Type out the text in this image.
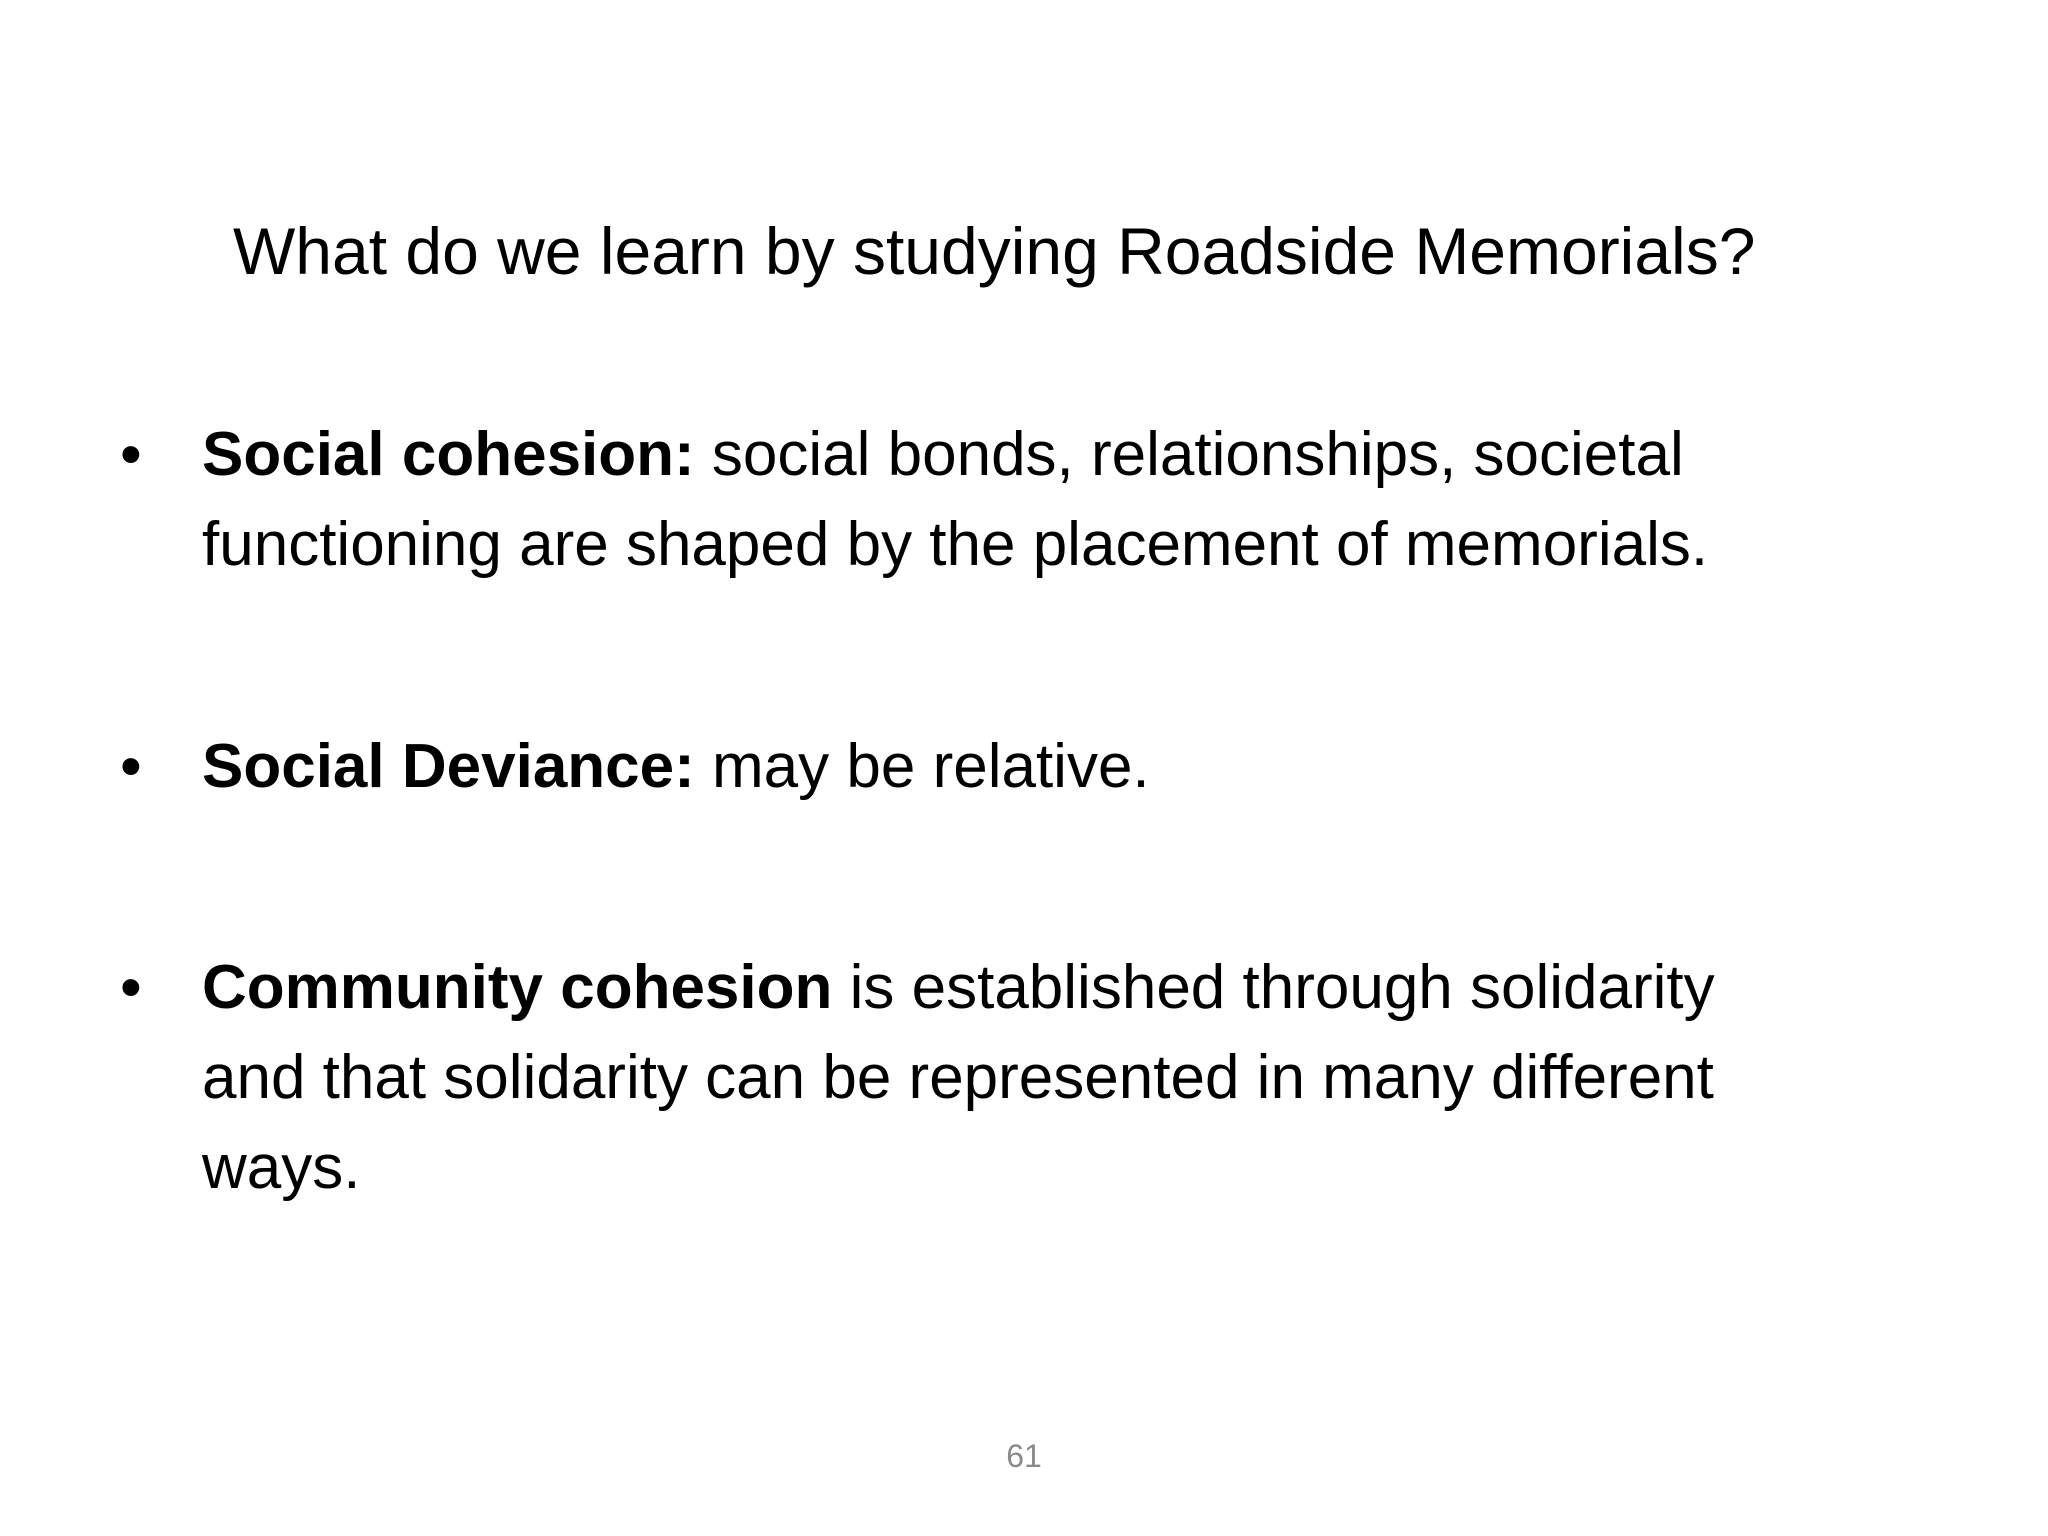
What do we learn by studying Roadside Memorials?
• Social cohesion: social bonds, relationships, societal
functioning are shaped by the placement of memorials.
• Social Deviance: may be relative.
• Community cohesion is established through solidarity
and that solidarity can be represented in many different
ways.
61
